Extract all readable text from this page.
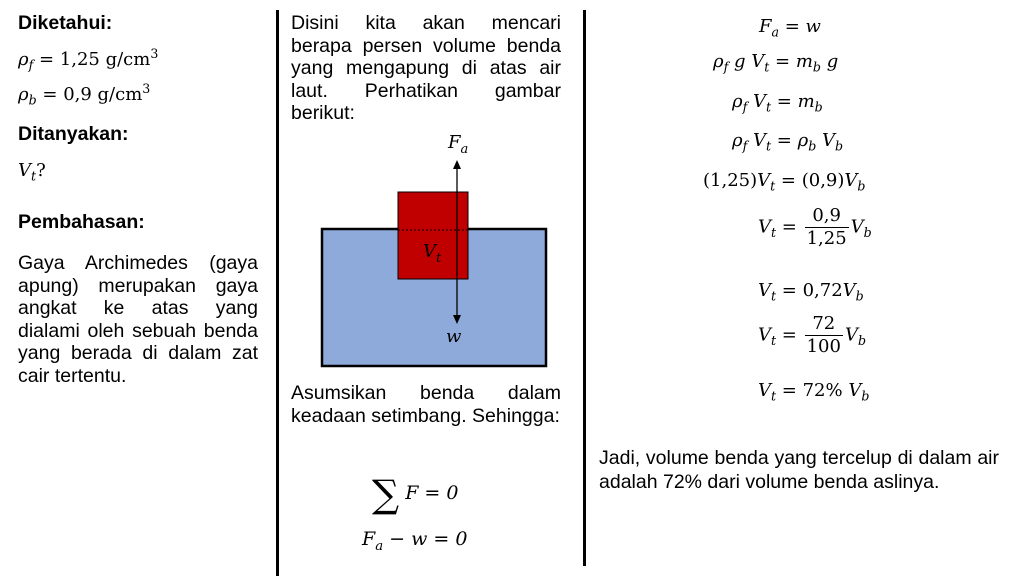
Diketahui:
$\rho_f = 1,25$ $g/cm^3$
$\rho_b = 0,9$ $g/cm^3$
Ditanyakan:
$V_t$?
Pembahasan:
Gaya Archimedes (gaya apung) merupakan gaya angkat ke atas yang dialami oleh sebuah benda yang berada di dalam zat cair tertentu.
Disini kita akan mencari berapa persen volume benda yang mengapung di atas air laut. Perhatikan gambar berikut:
$F_a$
$V_t$
w
Asumsikan benda dalam keadaan setimbang. Sehingga:
∑ F = 0
$F_a - w = 0$
$F_a = w$
$\rho_f$ g $V_t = m_b$ g
$\rho_f$ $V_t = m_b$
$\rho_f$ $V_t = \rho_b$ $V_b$
$(1,25)V_t = (0,9)V_b$
$V_t = \frac{0,9}{1,25} V_b$
$V_t = 0,72V_b$
$V_t = \frac{72}{100} V_b$
$V_t = 72\%$ $V_b$
Jadi, volume benda yang tercelup di dalam air adalah 72% dari volume benda aslinya.
